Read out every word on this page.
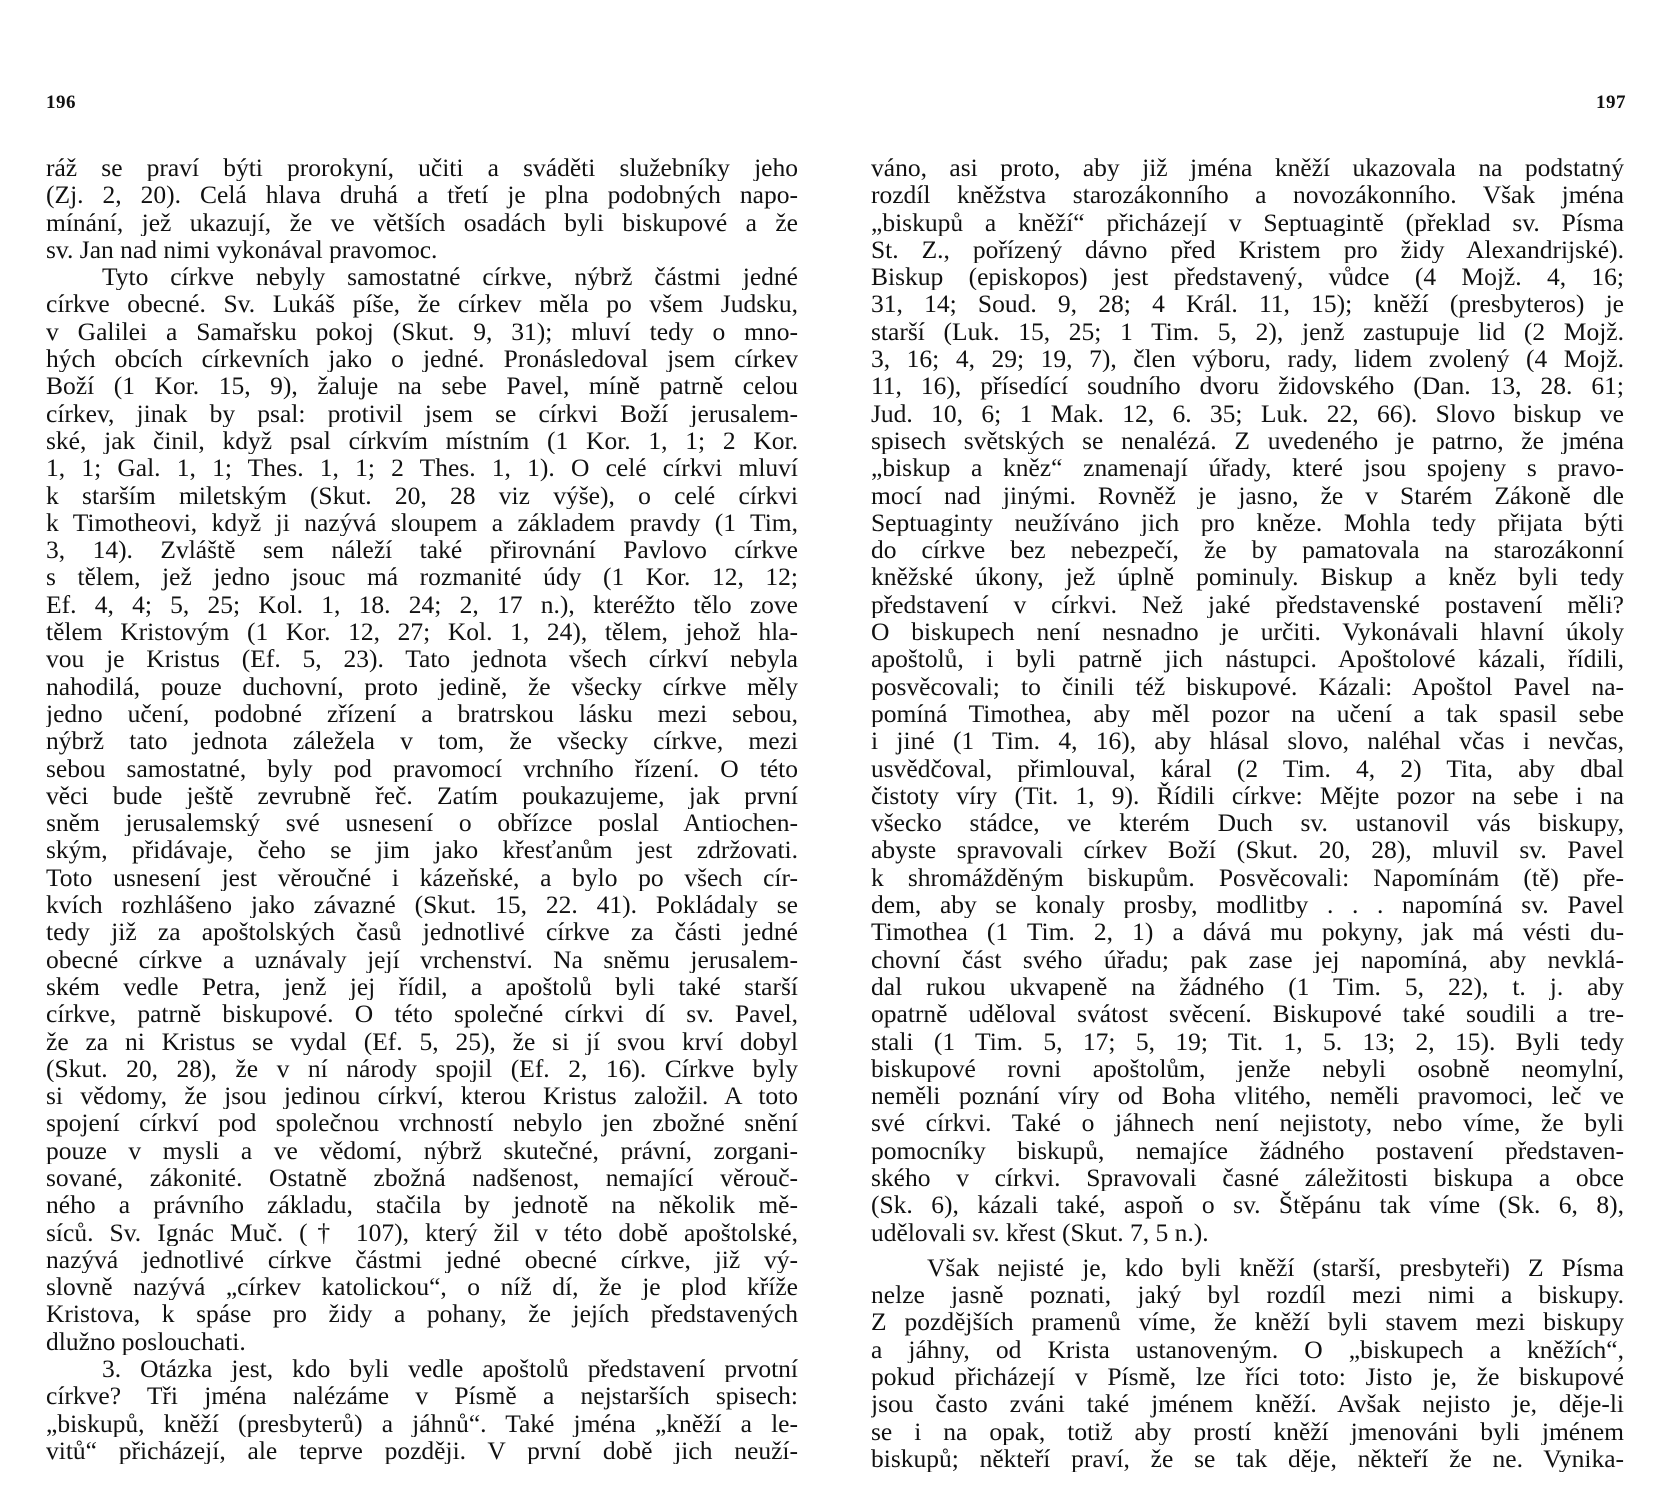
196
ráž se praví býti prorokyní, učiti a sváděti služebníky jeho
(Zj. 2, 20). Celá hlava druhá a třetí je plna podobných napo-
mínání, jež ukazují, že ve větších osadách byli biskupové a že
sv. Jan nad nimi vykonával pravomoc.
Tyto církve nebyly samostatné církve, nýbrž částmi jedné
církve obecné. Sv. Lukáš píše, že církev měla po všem Judsku,
v Galilei a Samařsku pokoj (Skut. 9, 31); mluví tedy o mno-
hých obcích církevních jako o jedné. Pronásledoval jsem církev
Boží (1 Kor. 15, 9), žaluje na sebe Pavel, míně patrně celou
církev, jinak by psal: protivil jsem se církvi Boží jerusalem-
ské, jak činil, když psal církvím místním (1 Kor. 1, 1; 2 Kor.
1, 1; Gal. 1, 1; Thes. 1, 1; 2 Thes. 1, 1). O celé církvi mluví
k starším miletským (Skut. 20, 28 viz výše), o celé církvi
k Timotheovi, když ji nazývá sloupem a základem pravdy (1 Tim,
3, 14). Zvláště sem náleží také přirovnání Pavlovo církve
s tělem, jež jedno jsouc má rozmanité údy (1 Kor. 12, 12;
Ef. 4, 4; 5, 25; Kol. 1, 18. 24; 2, 17 n.), kteréžto tělo zove
tělem Kristovým (1 Kor. 12, 27; Kol. 1, 24), tělem, jehož hla-
vou je Kristus (Ef. 5, 23). Tato jednota všech církví nebyla
nahodilá, pouze duchovní, proto jedině, že všecky církve měly
jedno učení, podobné zřízení a bratrskou lásku mezi sebou,
nýbrž tato jednota záležela v tom, že všecky církve, mezi
sebou samostatné, byly pod pravomocí vrchního řízení. O této
věci bude ještě zevrubně řeč. Zatím poukazujeme, jak první
sněm jerusalemský své usnesení o obřízce poslal Antiochen-
ským, přidávaje, čeho se jim jako křesťanům jest zdržovati.
Toto usnesení jest věroučné i kázeňské, a bylo po všech cír-
kvích rozhlášeno jako závazné (Skut. 15, 22. 41). Pokládaly se
tedy již za apoštolských časů jednotlivé církve za části jedné
obecné církve a uznávaly její vrchenství. Na sněmu jerusalem-
ském vedle Petra, jenž jej řídil, a apoštolů byli také starší
církve, patrně biskupové. O této společné církvi dí sv. Pavel,
že za ni Kristus se vydal (Ef. 5, 25), že si jí svou krví dobyl
(Skut. 20, 28), že v ní národy spojil (Ef. 2, 16). Církve byly
si vědomy, že jsou jedinou církví, kterou Kristus založil. A toto
spojení církví pod společnou vrchností nebylo jen zbožné snění
pouze v mysli a ve vědomí, nýbrž skutečné, právní, zorgani-
sované, zákonité. Ostatně zbožná nadšenost, nemající věrouč-
ného a právního základu, stačila by jednotě na několik mě-
síců. Sv. Ignác Muč. († 107), který žil v této době apoštolské,
nazývá jednotlivé církve částmi jedné obecné církve, již vý-
slovně nazývá „církev katolickou“, o níž dí, že je plod kříže
Kristova, k spáse pro židy a pohany, že jejích představených
dlužno poslouchati.
3. Otázka jest, kdo byli vedle apoštolů představení prvotní
církve? Tři jména nalézáme v Písmě a nejstarších spisech:
„biskupů, kněží (presbyterů) a jáhnů“. Také jména „kněží a le-
vitů“ přicházejí, ale teprve později. V první době jich neuží-
197
váno, asi proto, aby již jména kněží ukazovala na podstatný
rozdíl kněžstva starozákonního a novozákonního. Však jména
„biskupů a kněží“ přicházejí v Septuagintě (překlad sv. Písma
St. Z., pořízený dávno před Kristem pro židy Alexandrijské).
Biskup (episkopos) jest představený, vůdce (4 Mojž. 4, 16;
31, 14; Soud. 9, 28; 4 Král. 11, 15); kněží (presbyteros) je
starší (Luk. 15, 25; 1 Tim. 5, 2), jenž zastupuje lid (2 Mojž.
3, 16; 4, 29; 19, 7), člen výboru, rady, lidem zvolený (4 Mojž.
11, 16), přísedící soudního dvoru židovského (Dan. 13, 28. 61;
Jud. 10, 6; 1 Mak. 12, 6. 35; Luk. 22, 66). Slovo biskup ve
spisech světských se nenalézá. Z uvedeného je patrno, že jména
„biskup a kněz“ znamenají úřady, které jsou spojeny s pravo-
mocí nad jinými. Rovněž je jasno, že v Starém Zákoně dle
Septuaginty neužíváno jich pro kněze. Mohla tedy přijata býti
do církve bez nebezpečí, že by pamatovala na starozákonní
kněžské úkony, jež úplně pominuly. Biskup a kněz byli tedy
představení v církvi. Než jaké představenské postavení měli?
O biskupech není nesnadno je určiti. Vykonávali hlavní úkoly
apoštolů, i byli patrně jich nástupci. Apoštolové kázali, řídili,
posvěcovali; to činili též biskupové. Kázali: Apoštol Pavel na-
pomíná Timothea, aby měl pozor na učení a tak spasil sebe
i jiné (1 Tim. 4, 16), aby hlásal slovo, naléhal včas i nevčas,
usvědčoval, přimlouval, káral (2 Tim. 4, 2) Tita, aby dbal
čistoty víry (Tit. 1, 9). Řídili církve: Mějte pozor na sebe i na
všecko stádce, ve kterém Duch sv. ustanovil vás biskupy,
abyste spravovali církev Boží (Skut. 20, 28), mluvil sv. Pavel
k shromážděným biskupům. Posvěcovali: Napomínám (tě) pře-
dem, aby se konaly prosby, modlitby . . . napomíná sv. Pavel
Timothea (1 Tim. 2, 1) a dává mu pokyny, jak má vésti du-
chovní část svého úřadu; pak zase jej napomíná, aby nevklá-
dal rukou ukvapeně na žádného (1 Tim. 5, 22), t. j. aby
opatrně uděloval svátost svěcení. Biskupové také soudili a tre-
stali (1 Tim. 5, 17; 5, 19; Tit. 1, 5. 13; 2, 15). Byli tedy
biskupové rovni apoštolům, jenže nebyli osobně neomylní,
neměli poznání víry od Boha vlitého, neměli pravomoci, leč ve
své církvi. Také o jáhnech není nejistoty, nebo víme, že byli
pomocníky biskupů, nemajíce žádného postavení představen-
ského v církvi. Spravovali časné záležitosti biskupa a obce
(Sk. 6), kázali také, aspoň o sv. Štěpánu tak víme (Sk. 6, 8),
udělovali sv. křest (Skut. 7, 5 n.).
Však nejisté je, kdo byli kněží (starší, presbyteři) Z Písma
nelze jasně poznati, jaký byl rozdíl mezi nimi a biskupy.
Z pozdějších pramenů víme, že kněží byli stavem mezi biskupy
a jáhny, od Krista ustanoveným. O „biskupech a kněžích“,
pokud přicházejí v Písmě, lze říci toto: Jisto je, že biskupové
jsou často zváni také jménem kněží. Avšak nejisto je, děje-li
se i na opak, totiž aby prostí kněží jmenováni byli jménem
biskupů; někteří praví, že se tak děje, někteří že ne. Vynika-
